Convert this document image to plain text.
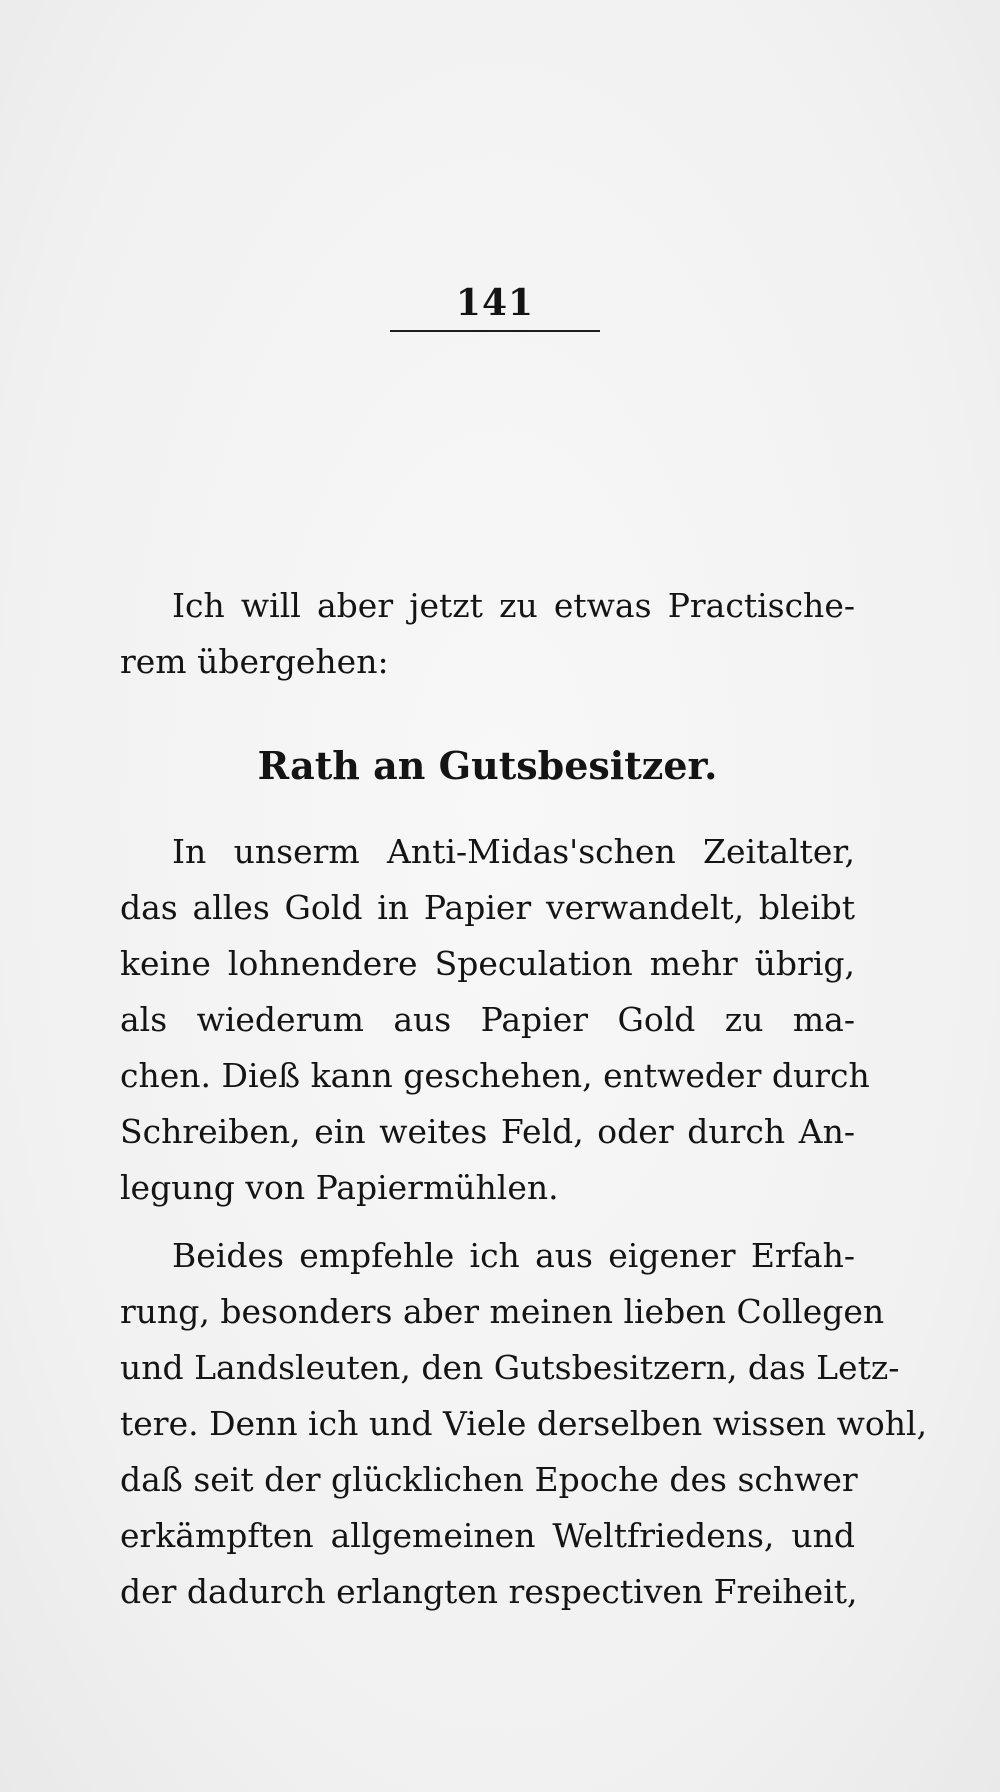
141

Ich will aber jetzt zu etwas Practische-
rem übergehen:
Rath an Gutsbesitzer.
In unserm Anti-Midas'schen Zeitalter,
das alles Gold in Papier verwandelt, bleibt
keine lohnendere Speculation mehr übrig,
als wiederum aus Papier Gold zu ma-
chen. Dieß kann geschehen, entweder durch
Schreiben, ein weites Feld, oder durch An-
legung von Papiermühlen.
Beides empfehle ich aus eigener Erfah-
rung, besonders aber meinen lieben Collegen
und Landsleuten, den Gutsbesitzern, das Letz-
tere. Denn ich und Viele derselben wissen wohl,
daß seit der glücklichen Epoche des schwer
erkämpften allgemeinen Weltfriedens, und
der dadurch erlangten respectiven Freiheit,
